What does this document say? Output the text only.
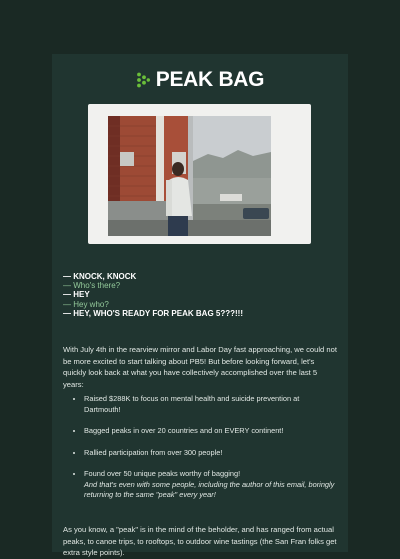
PEAK BAG
— KNOCK, KNOCK
— Who's there?
— HEY
— Hey who?
— HEY, WHO'S READY FOR PEAK BAG 5???!!!
With July 4th in the rearview mirror and Labor Day fast approaching, we could not be more excited to start talking about PB5! But before looking forward, let's quickly look back at what you have collectively accomplished over the last 5 years:
• Raised $288K to focus on mental health and suicide prevention at Dartmouth!
• Bagged peaks in over 20 countries and on EVERY continent!
• Rallied participation from over 300 people!
• Found over 50 unique peaks worthy of bagging!
And that's even with some people, including the author of this email, boringly returning to the same "peak" every year!
As you know, a "peak" is in the mind of the beholder, and has ranged from actual peaks, to canoe trips, to rooftops, to outdoor wine tastings (the San Fran folks get extra style points).
